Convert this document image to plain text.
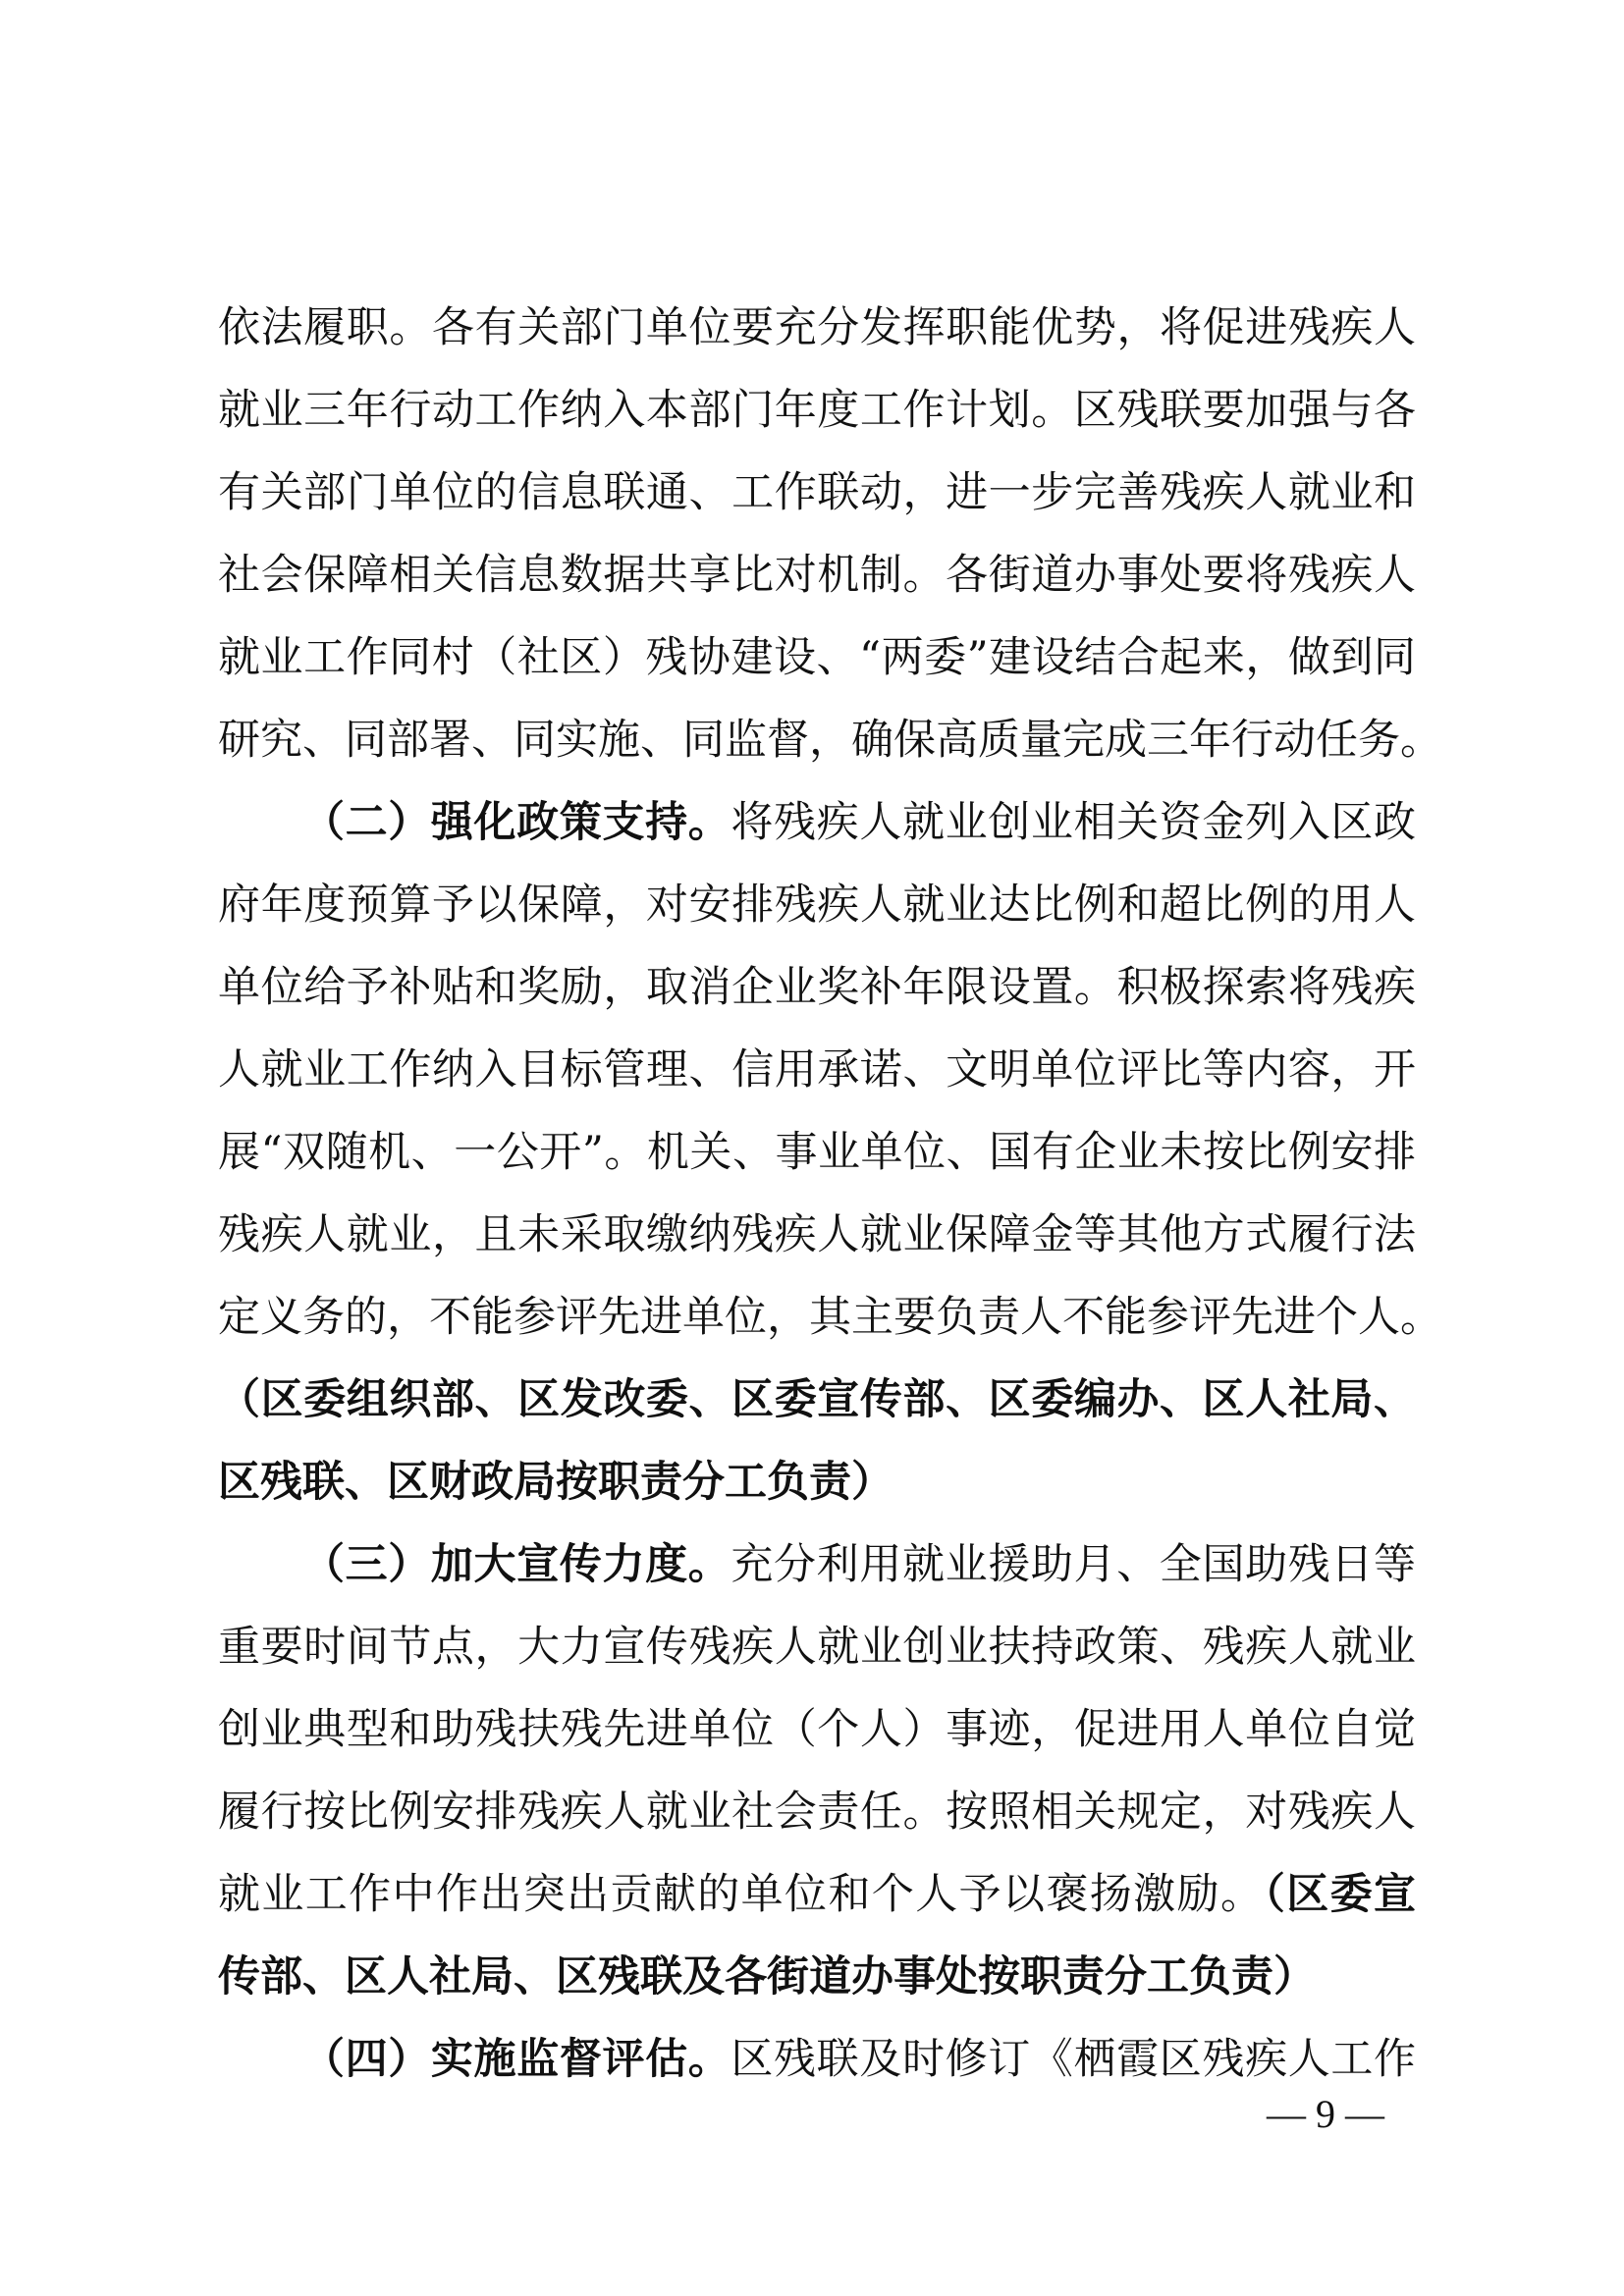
依法履职。各有关部门单位要充分发挥职能优势，将促进残疾人
就业三年行动工作纳入本部门年度工作计划。区残联要加强与各
有关部门单位的信息联通、工作联动，进一步完善残疾人就业和
社会保障相关信息数据共享比对机制。各街道办事处要将残疾人
就业工作同村（社区）残协建设、“两委”建设结合起来，做到同
研究、同部署、同实施、同监督，确保高质量完成三年行动任务。
（二）强化政策支持。将残疾人就业创业相关资金列入区政
府年度预算予以保障，对安排残疾人就业达比例和超比例的用人
单位给予补贴和奖励，取消企业奖补年限设置。积极探索将残疾
人就业工作纳入目标管理、信用承诺、文明单位评比等内容，开
展“双随机、一公开”。机关、事业单位、国有企业未按比例安排
残疾人就业，且未采取缴纳残疾人就业保障金等其他方式履行法
定义务的，不能参评先进单位，其主要负责人不能参评先进个人。
（区委组织部、区发改委、区委宣传部、区委编办、区人社局、
区残联、区财政局按职责分工负责）
（三）加大宣传力度。充分利用就业援助月、全国助残日等
重要时间节点，大力宣传残疾人就业创业扶持政策、残疾人就业
创业典型和助残扶残先进单位（个人）事迹，促进用人单位自觉
履行按比例安排残疾人就业社会责任。按照相关规定，对残疾人
就业工作中作出突出贡献的单位和个人予以褒扬激励。（区委宣
传部、区人社局、区残联及各街道办事处按职责分工负责）
（四）实施监督评估。区残联及时修订《栖霞区残疾人工作
— 9 —
